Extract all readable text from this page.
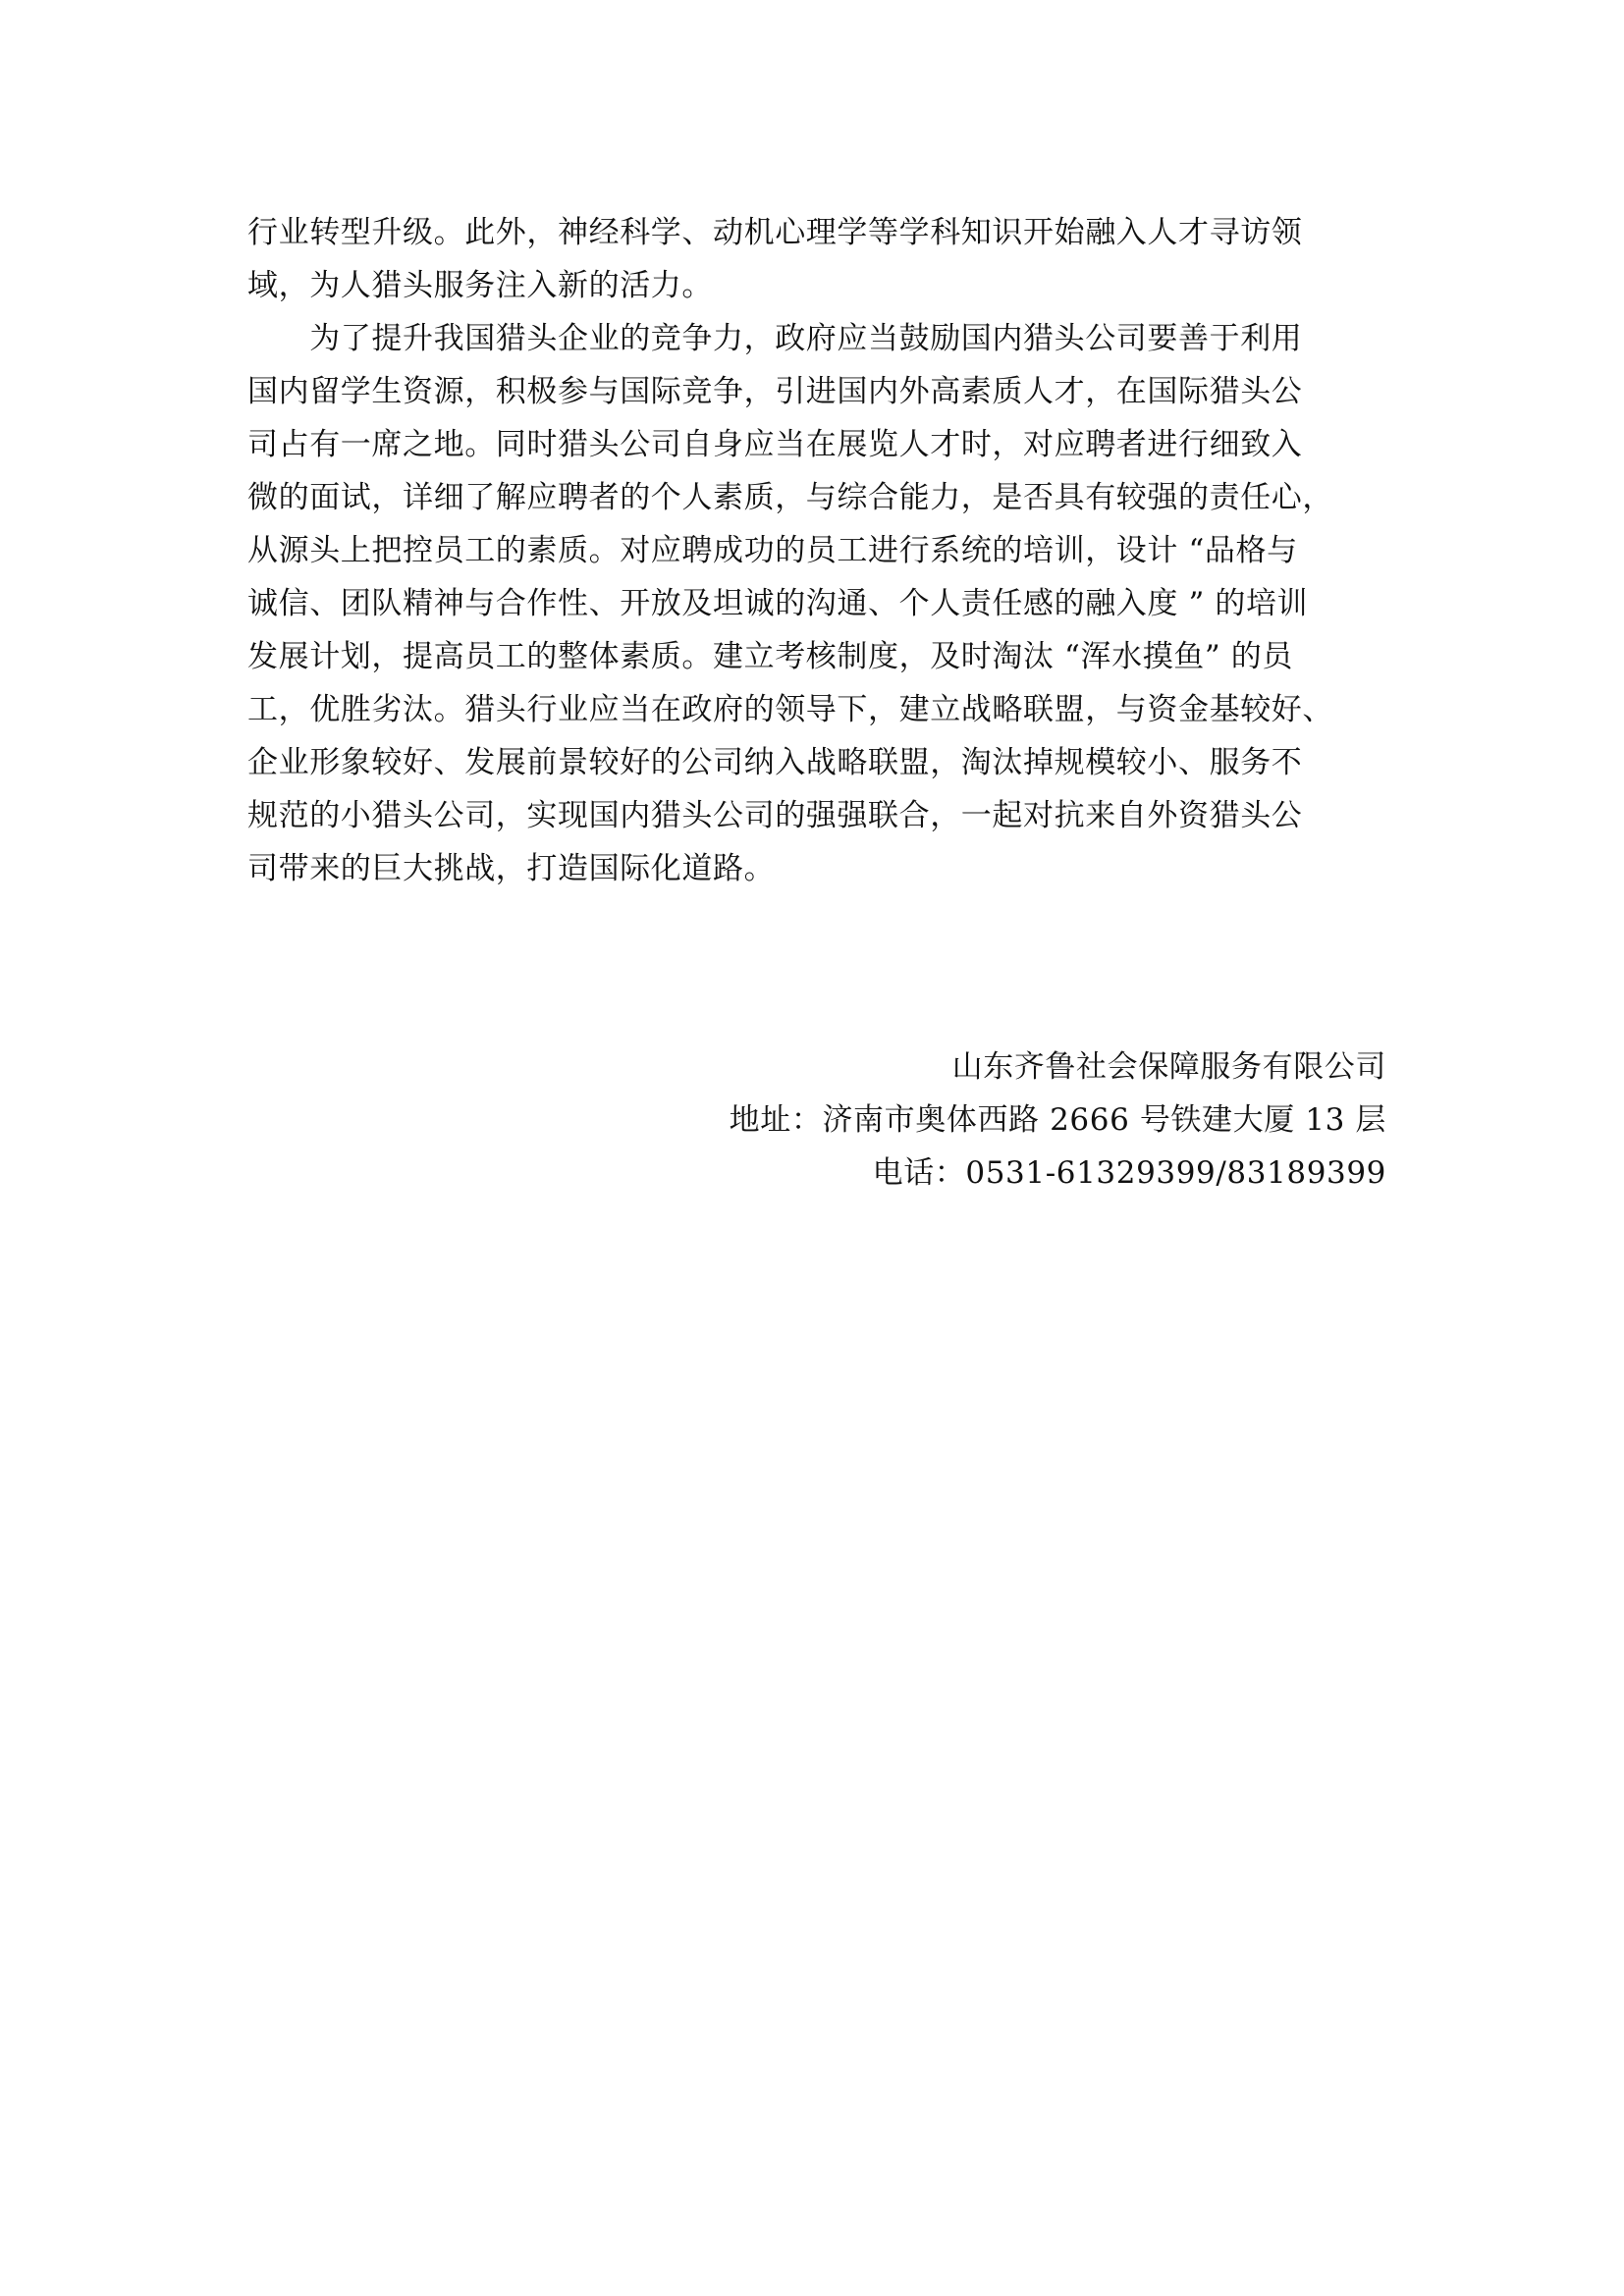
行业转型升级。此外，神经科学、动机心理学等学科知识开始融入人才寻访领
域，为人猎头服务注入新的活力。
　　为了提升我国猎头企业的竞争力，政府应当鼓励国内猎头公司要善于利用
国内留学生资源，积极参与国际竞争，引进国内外高素质人才，在国际猎头公
司占有一席之地。同时猎头公司自身应当在展览人才时，对应聘者进行细致入
微的面试，详细了解应聘者的个人素质，与综合能力，是否具有较强的责任心，
从源头上把控员工的素质。对应聘成功的员工进行系统的培训，设计 “品格与
诚信、团队精神与合作性、开放及坦诚的沟通、个人责任感的融入度 ” 的培训
发展计划，提高员工的整体素质。建立考核制度，及时淘汰 “浑水摸鱼” 的员
工，优胜劣汰。猎头行业应当在政府的领导下，建立战略联盟，与资金基较好、
企业形象较好、发展前景较好的公司纳入战略联盟，淘汰掉规模较小、服务不
规范的小猎头公司，实现国内猎头公司的强强联合，一起对抗来自外资猎头公
司带来的巨大挑战，打造国际化道路。
山东齐鲁社会保障服务有限公司
地址：济南市奥体西路 2666 号铁建大厦 13 层
电话：0531-61329399/83189399
